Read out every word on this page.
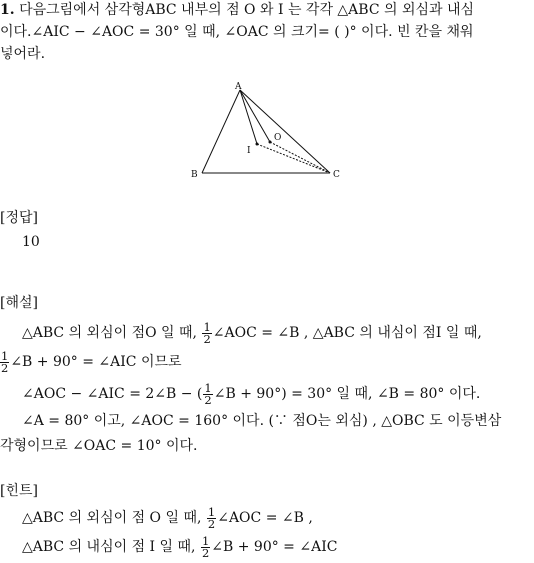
1. 다음그림에서 삼각형ABC 내부의 점 O 와 I 는 각각 △ABC 의 외심과 내심
이다.∠AIC − ∠AOC = 30° 일 때, ∠OAC 의 크기= ( )° 이다. 빈 칸을 채워
넣어라.
A
B	C
O
I
[정답]
10
[해설]
△ABC 의 외심이 점O 일 때, $\frac{1}{2}$ ∠AOC = ∠B , △ABC 의 내심이 점I 일 때,
$\frac{1}{2}$ ∠B + 90° = ∠AIC 이므로
∠AOC − ∠AIC = 2∠B − ( $\frac{1}{2}$ ∠B + 90°) = 30° 일 때, ∠B = 80° 이다.
∠A = 80° 이고, ∠AOC = 160° 이다. (∵ 점O는 외심) , △OBC 도 이등변삼
각형이므로 ∠OAC = 10° 이다.
[힌트]
△ABC 의 외심이 점 O 일 때, $\frac{1}{2}$ ∠AOC = ∠B ,
△ABC 의 내심이 점 I 일 때, $\frac{1}{2}$ ∠B + 90° = ∠AIC
